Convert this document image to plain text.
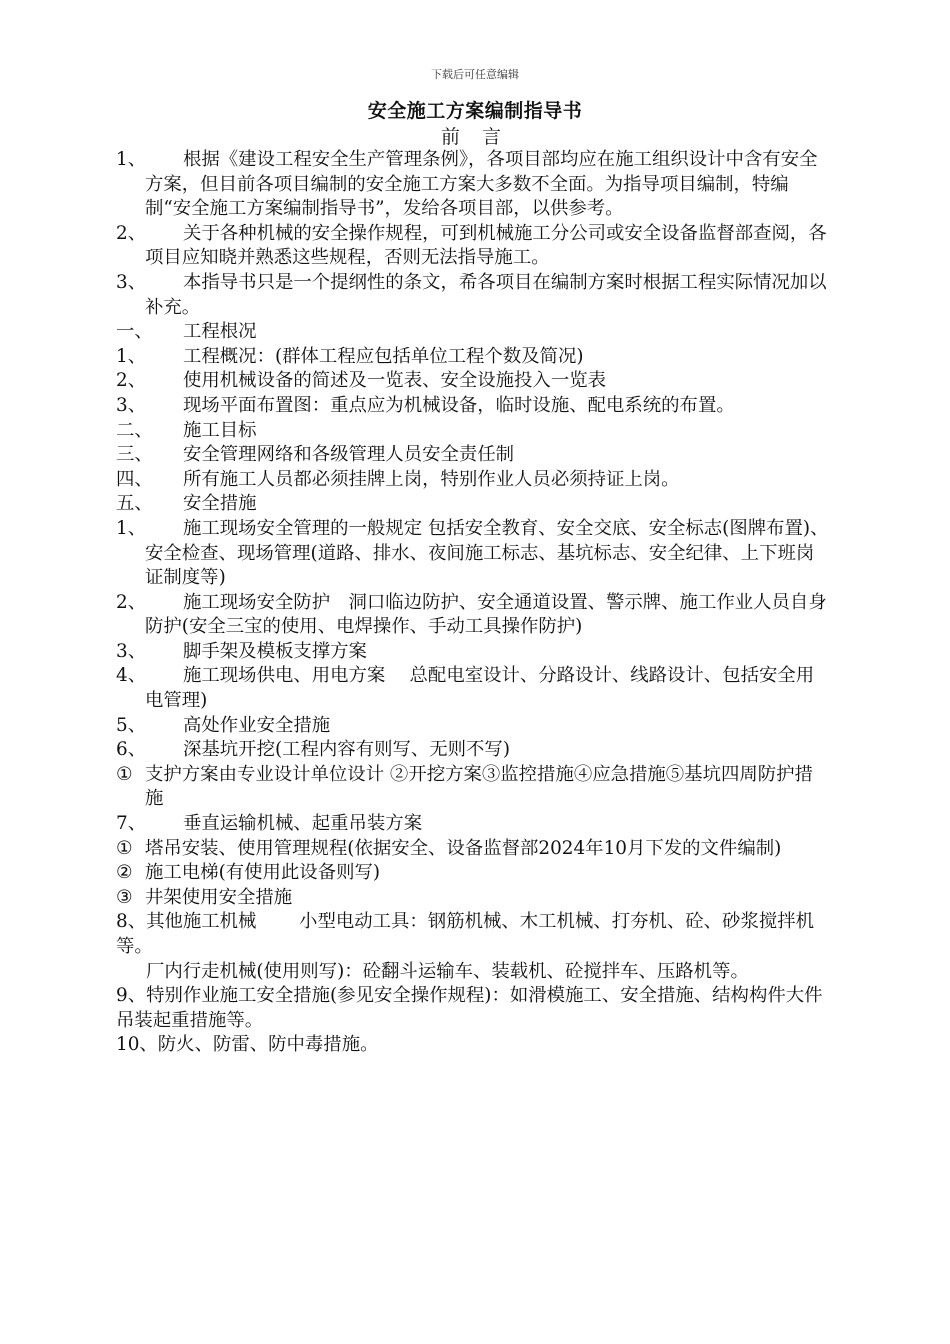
下载后可任意编辑
安全施工方案编制指导书
前 言
1、 根据《建设工程安全生产管理条例》，各项目部均应在施工组织设计中含有安全方案，但目前各项目编制的安全施工方案大多数不全面。为指导项目编制，特编制“安全施工方案编制指导书”，发给各项目部，以供参考。
2、 关于各种机械的安全操作规程，可到机械施工分公司或安全设备监督部查阅，各项目应知晓并熟悉这些规程，否则无法指导施工。
3、 本指导书只是一个提纲性的条文，希各项目在编制方案时根据工程实际情况加以补充。
一、 工程根况
1、 工程概况：(群体工程应包括单位工程个数及简况)
2、 使用机械设备的简述及一览表、安全设施投入一览表
3、 现场平面布置图：重点应为机械设备，临时设施、配电系统的布置。
二、 施工目标
三、 安全管理网络和各级管理人员安全责任制
四、 所有施工人员都必须挂牌上岗，特别作业人员必须持证上岗。
五、 安全措施
1、 施工现场安全管理的一般规定 包括安全教育、安全交底、安全标志(图牌布置)、安全检查、现场管理(道路、排水、夜间施工标志、基坑标志、安全纪律、上下班岗证制度等)
2、 施工现场安全防护　洞口临边防护、安全通道设置、警示牌、施工作业人员自身防护(安全三宝的使用、电焊操作、手动工具操作防护)
3、 脚手架及模板支撑方案
4、 施工现场供电、用电方案　 总配电室设计、分路设计、线路设计、包括安全用电管理)
5、 高处作业安全措施
6、 深基坑开挖(工程内容有则写、无则不写)
① 支护方案由专业设计单位设计 ②开挖方案③监控措施④应急措施⑤基坑四周防护措施
7、 垂直运输机械、起重吊装方案
① 塔吊安装、使用管理规程(依据安全、设备监督部2024年10月下发的文件编制)
② 施工电梯(有使用此设备则写)
③ 井架使用安全措施
8、其他施工机械　　 小型电动工具：钢筋机械、木工机械、打夯机、砼、砂浆搅拌机等。
厂内行走机械(使用则写)：砼翻斗运输车、装载机、砼搅拌车、压路机等。
9、特别作业施工安全措施(参见安全操作规程)：如滑模施工、安全措施、结构构件大件吊装起重措施等。
10、防火、防雷、防中毒措施。
